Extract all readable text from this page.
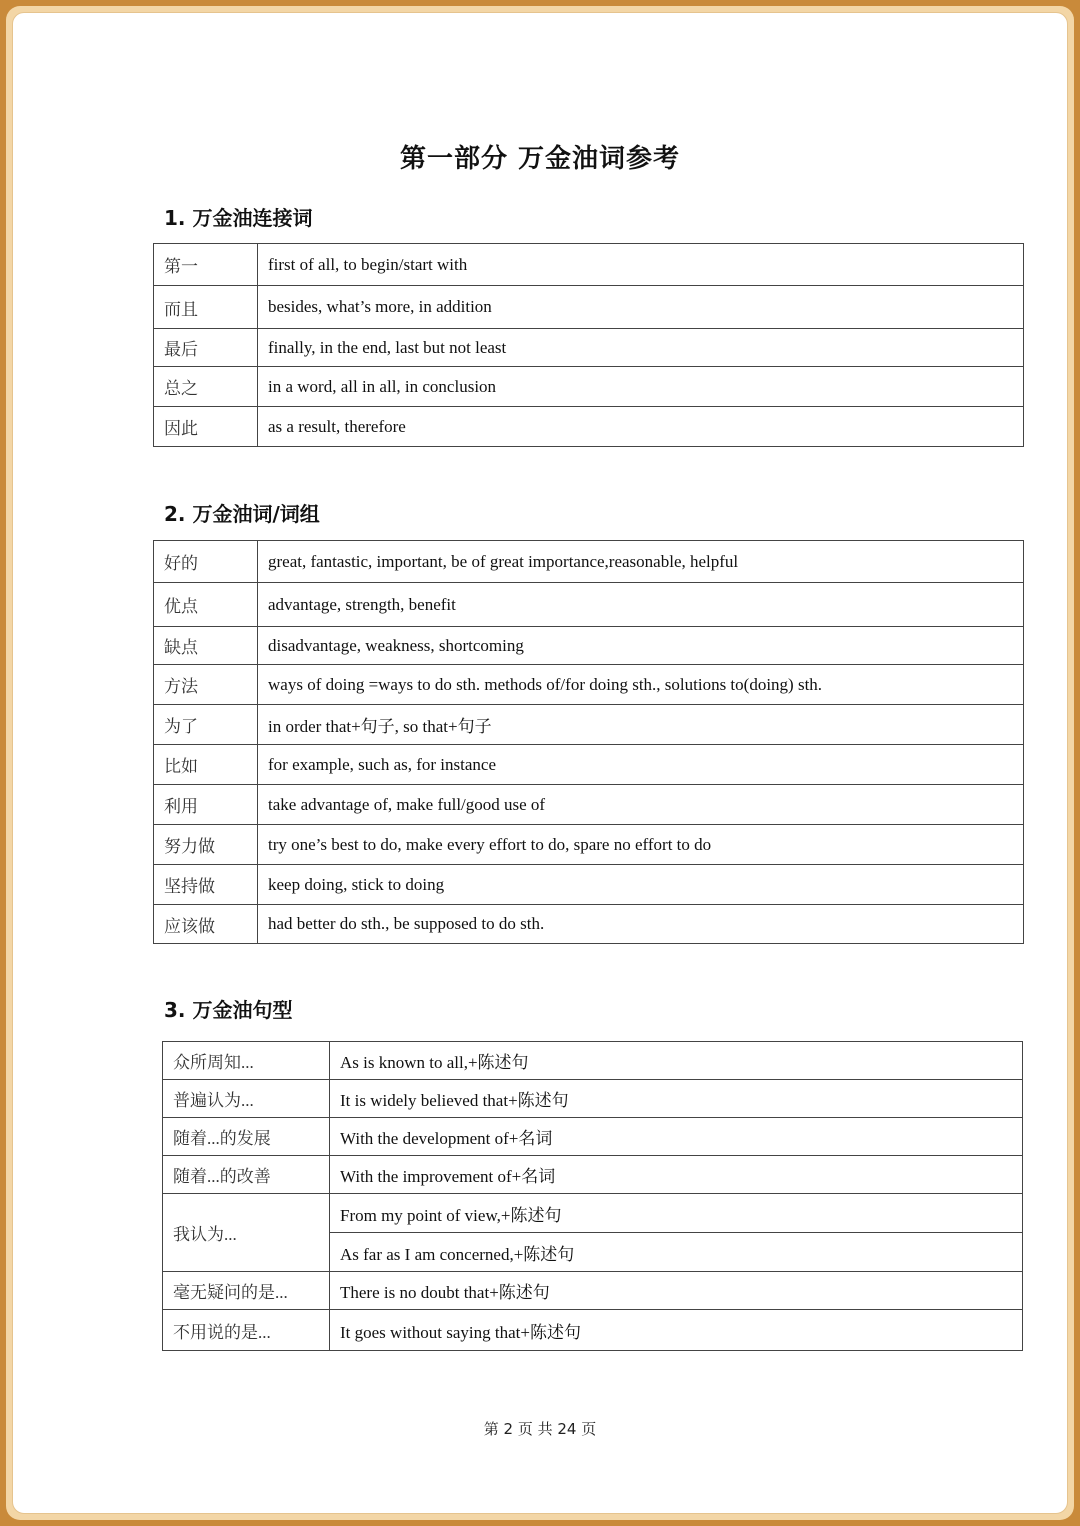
第一部分 万金油词参考
1. 万金油连接词
第一	first of all, to begin/start with
而且	besides, what’s more, in addition
最后	finally, in the end, last but not least
总之	in a word, all in all, in conclusion
因此	as a result, therefore
2. 万金油词/词组
好的	great, fantastic, important, be of great importance,reasonable, helpful
优点	advantage, strength, benefit
缺点	disadvantage, weakness, shortcoming
方法	ways of doing =ways to do sth. methods of/for doing sth., solutions to(doing) sth.
为了	in order that+句子, so that+句子
比如	for example, such as, for instance
利用	take advantage of, make full/good use of
努力做	try one’s best to do, make every effort to do, spare no effort to do
坚持做	keep doing, stick to doing
应该做	had better do sth., be supposed to do sth.
3. 万金油句型
众所周知...	As is known to all,+陈述句
普遍认为...	It is widely believed that+陈述句
随着...的发展	With the development of+名词
随着...的改善	With the improvement of+名词
我认为...	From my point of view,+陈述句
	As far as I am concerned,+陈述句
毫无疑问的是...	There is no doubt that+陈述句
不用说的是...	It goes without saying that+陈述句
第 2 页 共 24 页
